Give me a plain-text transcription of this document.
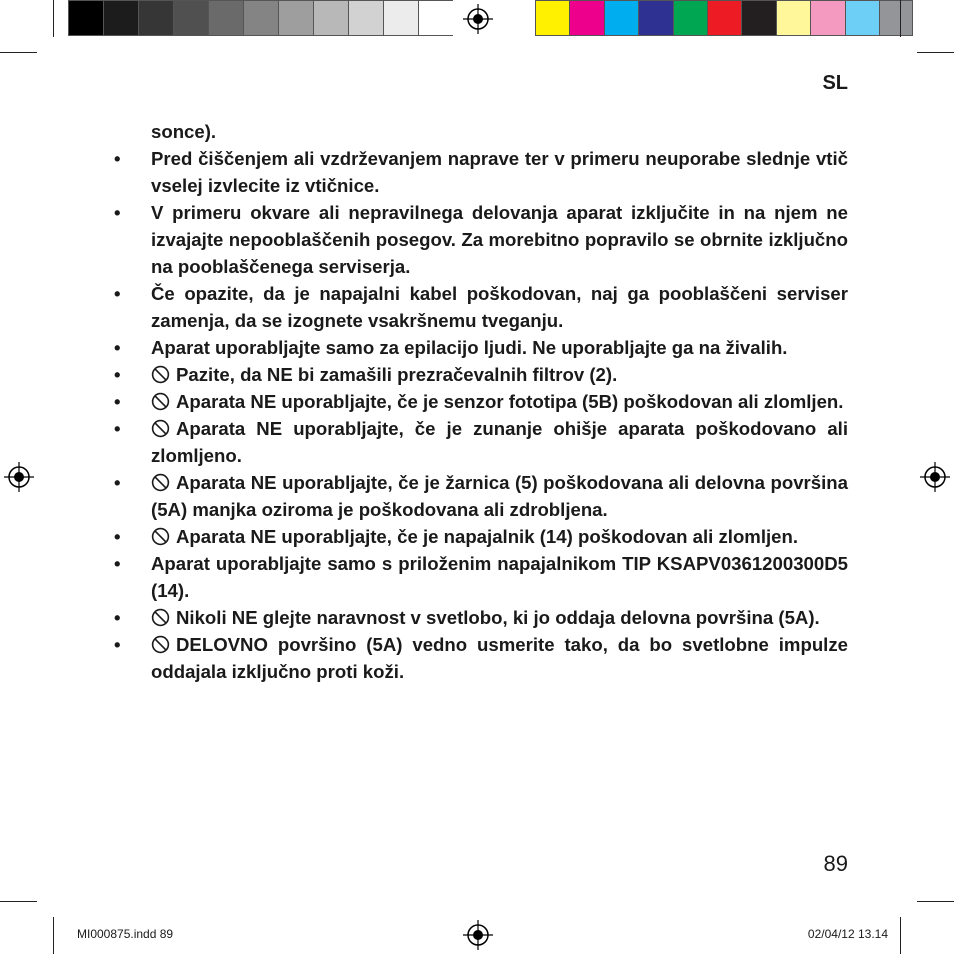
SL
sonce).
•	Pred čiščenjem ali vzdrževanjem naprave ter v primeru neuporabe slednje vtič vselej izvlecite iz vtičnice.
•	V primeru okvare ali nepravilnega delovanja aparat izključite in na njem ne izvajajte nepooblaščenih posegov. Za morebitno popravilo se obrnite izključno na pooblaščenega serviserja.
•	Če opazite, da je napajalni kabel poškodovan, naj ga pooblaščeni serviser zamenja, da se izognete vsakršnemu tveganju.
•	Aparat uporabljajte samo za epilacijo ljudi. Ne uporabljajte ga na živalih.
•	Pazite, da NE bi zamašili prezračevalnih filtrov (2).
•	Aparata NE uporabljajte, če je senzor fototipa (5B) poškodovan ali zlomljen.
•	Aparata NE uporabljajte, če je zunanje ohišje aparata poškodovano ali zlomljeno.
•	Aparata NE uporabljajte, če je žarnica (5) poškodovana ali delovna površina (5A) manjka oziroma je poškodovana ali zdrobljena.
•	Aparata NE uporabljajte, če je napajalnik (14) poškodovan ali zlomljen.
•	Aparat uporabljajte samo s priloženim napajalnikom TIP KSAPV0361200300D5 (14).
•	Nikoli NE glejte naravnost v svetlobo, ki jo oddaja delovna površina (5A).
•	DELOVNO površino (5A) vedno usmerite tako, da bo svetlobne impulze oddajala izključno proti koži.
89
MI000875.indd 89	02/04/12 13.14
